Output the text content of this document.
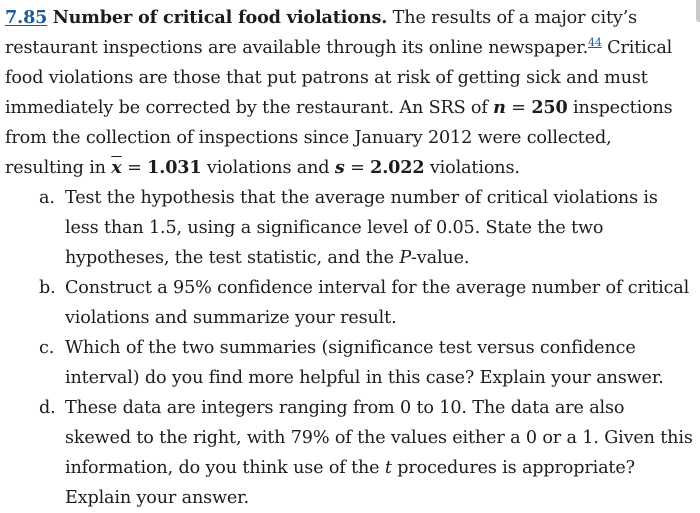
7.85 Number of critical food violations. The results of a major city’s restaurant inspections are available through its online newspaper.$^{44}$ Critical food violations are those that put patrons at risk of getting sick and must immediately be corrected by the restaurant. An SRS of n = 250 inspections from the collection of inspections since January 2012 were collected, resulting in $\overline{x} = 1.031$ violations and s = 2.022 violations.

a. Test the hypothesis that the average number of critical violations is less than 1.5, using a significance level of 0.05. State the two hypotheses, the test statistic, and the P-value.
b. Construct a 95% confidence interval for the average number of critical violations and summarize your result.
c. Which of the two summaries (significance test versus confidence interval) do you find more helpful in this case? Explain your answer.
d. These data are integers ranging from 0 to 10. The data are also skewed to the right, with 79% of the values either a 0 or a 1. Given this information, do you think use of the t procedures is appropriate? Explain your answer.
